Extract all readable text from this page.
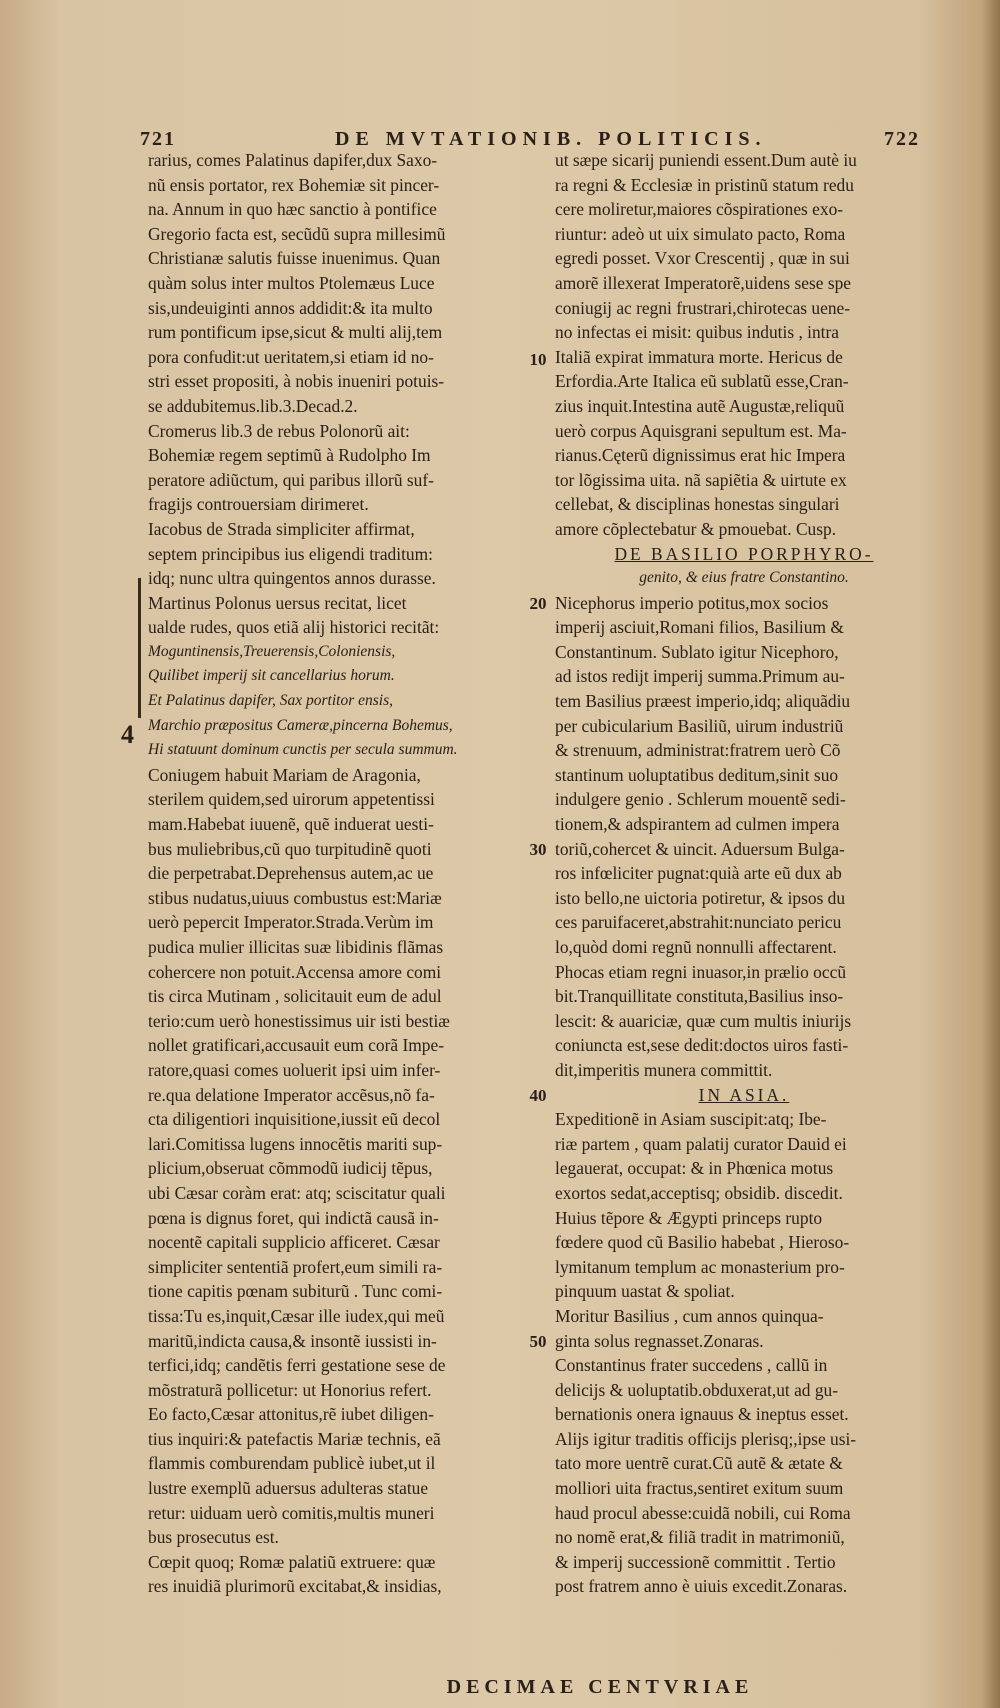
721	DE MVTATIONIB. POLITICIS.	722
4
rarius, comes Palatinus dapifer,dux Saxo-
nũ ensis portator, rex Bohemiæ sit pincer-
na. Annum in quo hæc sanctio à pontifice
Gregorio facta est, secũdũ supra millesimũ
Christianæ salutis fuisse inuenimus. Quan
quàm solus inter multos Ptolemæus Luce
sis,undeuiginti annos addidit:& ita multo
rum pontificum ipse,sicut & multi alij,tem
pora confudit:ut ueritatem,si etiam id no-
stri esset propositi, à nobis inueniri potuis-
se addubitemus.lib.3.Decad.2.
Cromerus lib.3 de rebus Polonorũ ait:
Bohemiæ regem septimũ à Rudolpho Im
peratore adiũctum, qui paribus illorũ suf-
fragijs controuersiam dirimeret.
Iacobus de Strada simpliciter affirmat,
septem principibus ius eligendi traditum:
idq; nunc ultra quingentos annos durasse.
Martinus Polonus uersus recitat, licet
ualde rudes, quos etiã alij historici recitãt:
Moguntinensis,Treuerensis,Coloniensis,
Quilibet imperij sit cancellarius horum.
Et Palatinus dapifer, Sax portitor ensis,
Marchio præpositus Cameræ,pincerna Bohemus,
Hi statuunt dominum cunctis per secula summum.
Coniugem habuit Mariam de Aragonia,
sterilem quidem,sed uirorum appetentissi
mam.Habebat iuuenẽ, quẽ induerat uesti-
bus muliebribus,cũ quo turpitudinẽ quoti
die perpetrabat.Deprehensus autem,ac ue
stibus nudatus,uiuus combustus est:Mariæ
uerò pepercit Imperator.Strada.Verùm im
pudica mulier illicitas suæ libidinis flãmas
cohercere non potuit.Accensa amore comi
tis circa Mutinam , solicitauit eum de adul
terio:cum uerò honestissimus uir isti bestiæ
nollet gratificari,accusauit eum corã Impe-
ratore,quasi comes uoluerit ipsi uim infer-
re.qua delatione Imperator accẽsus,nõ fa-
cta diligentiori inquisitione,iussit eũ decol
lari.Comitissa lugens innocẽtis mariti sup-
plicium,obseruat cõmmodũ iudicij tẽpus,
ubi Cæsar coràm erat: atq; sciscitatur quali
pœna is dignus foret, qui indictã causã in-
nocentẽ capitali supplicio afficeret. Cæsar
simpliciter sententiã profert,eum simili ra-
tione capitis pœnam subiturũ . Tunc comi-
tissa:Tu es,inquit,Cæsar ille iudex,qui meũ
maritũ,indicta causa,& insontẽ iussisti in-
terfici,idq; candẽtis ferri gestatione sese de
mõstraturã pollicetur: ut Honorius refert.
Eo facto,Cæsar attonitus,rẽ iubet diligen-
tius inquiri:& patefactis Mariæ technis, eã
flammis comburendam publicè iubet,ut il
lustre exemplũ aduersus adulteras statue
retur: uiduam uerò comitis,multis muneri
bus prosecutus est.
Cœpit quoq; Romæ palatiũ extruere: quæ
res inuidiã plurimorũ excitabat,& insidias,
ut sæpe sicarij puniendi essent.Dum autè iu
ra regni & Ecclesiæ in pristinũ statum redu
cere moliretur,maiores cõspirationes exo-
riuntur: adeò ut uix simulato pacto, Roma
egredi posset. Vxor Crescentij , quæ in sui
amorẽ illexerat Imperatorẽ,uidens sese spe
coniugij ac regni frustrari,chirotecas uene-
no infectas ei misit: quibus indutis , intra
Italiã expirat immatura morte. Hericus de
Erfordia.Arte Italica eũ sublatũ esse,Cran-
zius inquit.Intestina autẽ Augustæ,reliquũ
uerò corpus Aquisgrani sepultum est. Ma-
rianus.Cęterũ dignissimus erat hic Impera
tor lõgissima uita. nã sapiẽtia & uirtute ex
cellebat, & disciplinas honestas singulari
amore cõplectebatur & pmouebat. Cusp.
DE BASILIO PORPHYRO-
genito, & eius fratre Constantino.
Nicephorus imperio potitus,mox socios
imperij asciuit,Romani filios, Basilium &
Constantinum. Sublato igitur Nicephoro,
ad istos redijt imperij summa.Primum au-
tem Basilius præest imperio,idq; aliquãdiu
per cubicularium Basiliũ, uirum industriũ
& strenuum, administrat:fratrem uerò Cõ
stantinum uoluptatibus deditum,sinit suo
indulgere genio . Schlerum mouentẽ sedi-
tionem,& adspirantem ad culmen impera
toriũ,cohercet & uincit. Aduersum Bulga-
ros infœliciter pugnat:quià arte eũ dux ab
isto bello,ne uictoria potiretur, & ipsos du
ces paruifaceret,abstrahit:nunciato pericu
lo,quòd domi regnũ nonnulli affectarent.
Phocas etiam regni inuasor,in prælio occũ
bit.Tranquillitate constituta,Basilius inso-
lescit: & auariciæ, quæ cum multis iniurijs
coniuncta est,sese dedit:doctos uiros fasti-
dit,imperitis munera committit.
IN ASIA.
Expeditionẽ in Asiam suscipit:atq; Ibe-
riæ partem , quam palatij curator Dauid ei
legauerat, occupat: & in Phœnica motus
exortos sedat,acceptisq; obsidib. discedit.
Huius tẽpore & Ægypti princeps rupto
fœdere quod cũ Basilio habebat , Hieroso-
lymitanum templum ac monasterium pro-
pinquum uastat & spoliat.
Moritur Basilius , cum annos quinqua-
ginta solus regnasset.Zonaras.
Constantinus frater succedens , callũ in
delicijs & uoluptatib.obduxerat,ut ad gu-
bernationis onera ignauus & ineptus esset.
Alijs igitur traditis officijs plerisq;,ipse usi-
tato more uentrẽ curat.Cũ autẽ & ætate &
molliori uita fractus,sentiret exitum suum
haud procul abesse:cuidã nobili, cui Roma
no nomẽ erat,& filiã tradit in matrimoniũ,
& imperij successionẽ committit . Tertio
post fratrem anno è uiuis excedit.Zonaras.
10
20
30
40
50
DECIMAE CENTVRIAE
